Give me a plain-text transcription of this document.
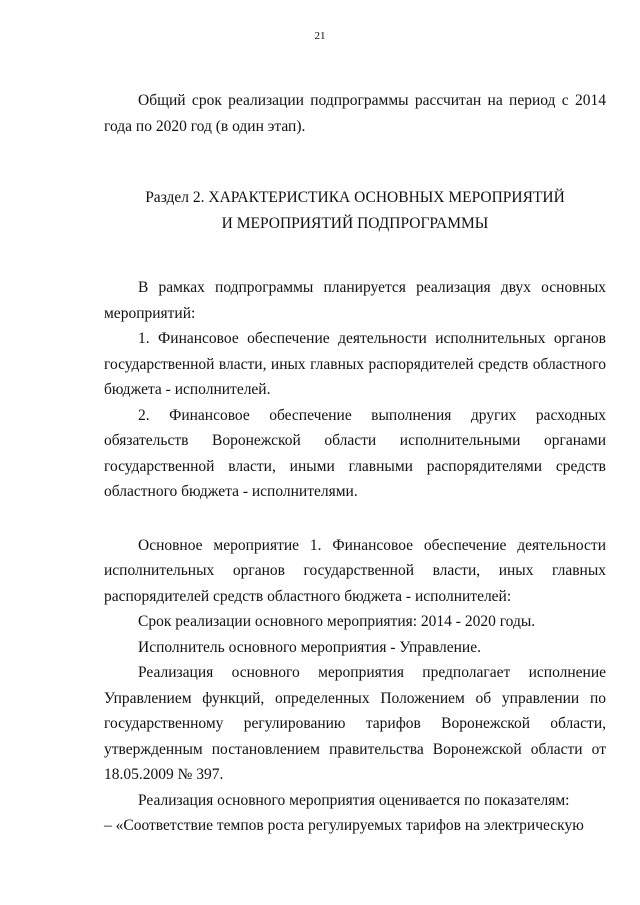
21

Общий срок реализации подпрограммы рассчитан на период с 2014 года по 2020 год (в один этап).

Раздел 2. ХАРАКТЕРИСТИКА ОСНОВНЫХ МЕРОПРИЯТИЙ
И МЕРОПРИЯТИЙ ПОДПРОГРАММЫ

В рамках подпрограммы планируется реализация двух основных мероприятий:

1. Финансовое обеспечение деятельности исполнительных органов государственной власти, иных главных распорядителей средств областного бюджета - исполнителей.

2. Финансовое обеспечение выполнения других расходных обязательств Воронежской области исполнительными органами государственной власти, иными главными распорядителями средств областного бюджета - исполнителями.

Основное мероприятие 1. Финансовое обеспечение деятельности исполнительных органов государственной власти, иных главных распорядителей средств областного бюджета - исполнителей:

Срок реализации основного мероприятия: 2014 - 2020 годы.

Исполнитель основного мероприятия - Управление.

Реализация основного мероприятия предполагает исполнение Управлением функций, определенных Положением об управлении по государственному регулированию тарифов Воронежской области, утвержденным постановлением правительства Воронежской области от 18.05.2009 № 397.

Реализация основного мероприятия оценивается по показателям:

– «Соответствие темпов роста регулируемых тарифов на электрическую
